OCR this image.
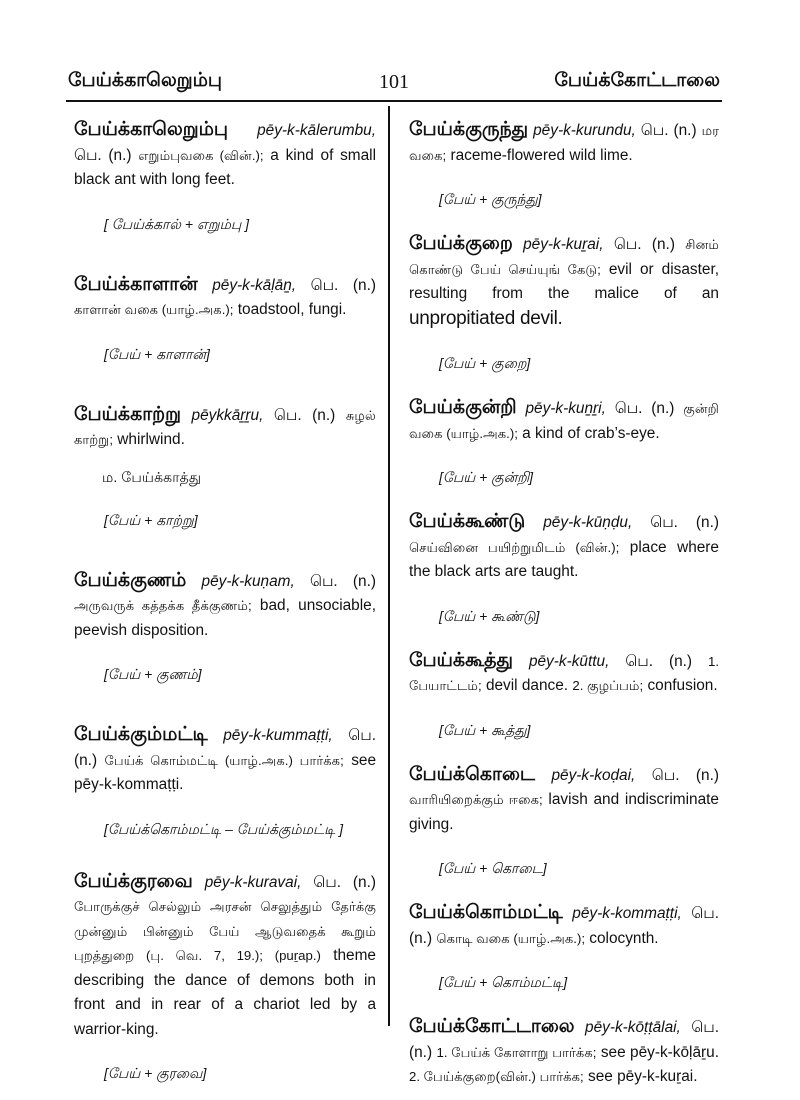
பேய்க்காலெறும்பு	101	பேய்க்கோட்டாலை

பேய்க்காலெறும்பு pēy-k-kālerumbu, பெ. (n.) எறும்புவகை (வின்.); a kind of small black ant with long feet.

[ பேய்க்கால் + எறும்பு ]

பேய்க்காளான் pēy-k-kāḷāṉ, பெ. (n.) காளான் வகை (யாழ்.அக.); toadstool, fungi.

[பேய் + காளான்]

பேய்க்காற்று pēykkāṟṟu, பெ. (n.) சுழல் காற்று; whirlwind.

ம. பேய்க்காத்து
[பேய் + காற்று]

பேய்க்குணம் pēy-k-kuṇam, பெ. (n.) அருவருக் கத்தக்க தீக்குணம்; bad, unsociable, peevish disposition.

[பேய் + குணம்]

பேய்க்கும்மட்டி pēy-k-kummaṭṭi, பெ. (n.) பேய்க் கொம்மட்டி (யாழ்.அக.) பார்க்க; see pēy-k-kommaṭṭi.

[பேய்க்கொம்மட்டி – பேய்க்கும்மட்டி ]

பேய்க்குரவை pēy-k-kuravai, பெ. (n.) போருக்குச் செல்லும் அரசன் செலுத்தும் தேர்க்கு முன்னும் பின்னும் பேய் ஆடுவதைக் கூறும் புறத்துறை (பு. வெ. 7, 19.); (puṟap.) theme describing the dance of demons both in front and in rear of a chariot led by a warrior-king.

[பேய் + குரவை]

பேய்க்குருந்து pēy-k-kurundu, பெ. (n.) மர வகை; raceme-flowered wild lime.

[பேய் + குருந்து]

பேய்க்குறை pēy-k-kuṟai, பெ. (n.) சினம் கொண்டு பேய் செய்யுங் கேடு; evil or disaster, resulting from the malice of an unpropitiated devil.

[பேய் + குறை]

பேய்க்குன்றி pēy-k-kuṉṟi, பெ. (n.) குன்றி வகை (யாழ்.அக.); a kind of crab’s-eye.

[பேய் + குன்றி]

பேய்க்கூண்டு pēy-k-kūṇḍu, பெ. (n.) செய்வினை பயிற்றுமிடம் (வின்.); place where the black arts are taught.

[பேய் + கூண்டு]

பேய்க்கூத்து pēy-k-kūttu, பெ. (n.) 1. பேயாட்டம்; devil dance. 2. குழப்பம்; confusion.

[பேய் + கூத்து]

பேய்க்கொடை pēy-k-koḍai, பெ. (n.) வாரியிறைக்கும் ஈகை; lavish and indiscriminate giving.

[பேய் + கொடை]

பேய்க்கொம்மட்டி pēy-k-kommaṭṭi, பெ. (n.) கொடி வகை (யாழ்.அக.); colocynth.

[பேய் + கொம்மட்டி]

பேய்க்கோட்டாலை pēy-k-kōṭṭālai, பெ. (n.) 1. பேய்க் கோளாறு பார்க்க; see pēy-k-kōḷāṟu. 2. பேய்க்குறை(வின்.) பார்க்க; see pēy-k-kuṟai.
